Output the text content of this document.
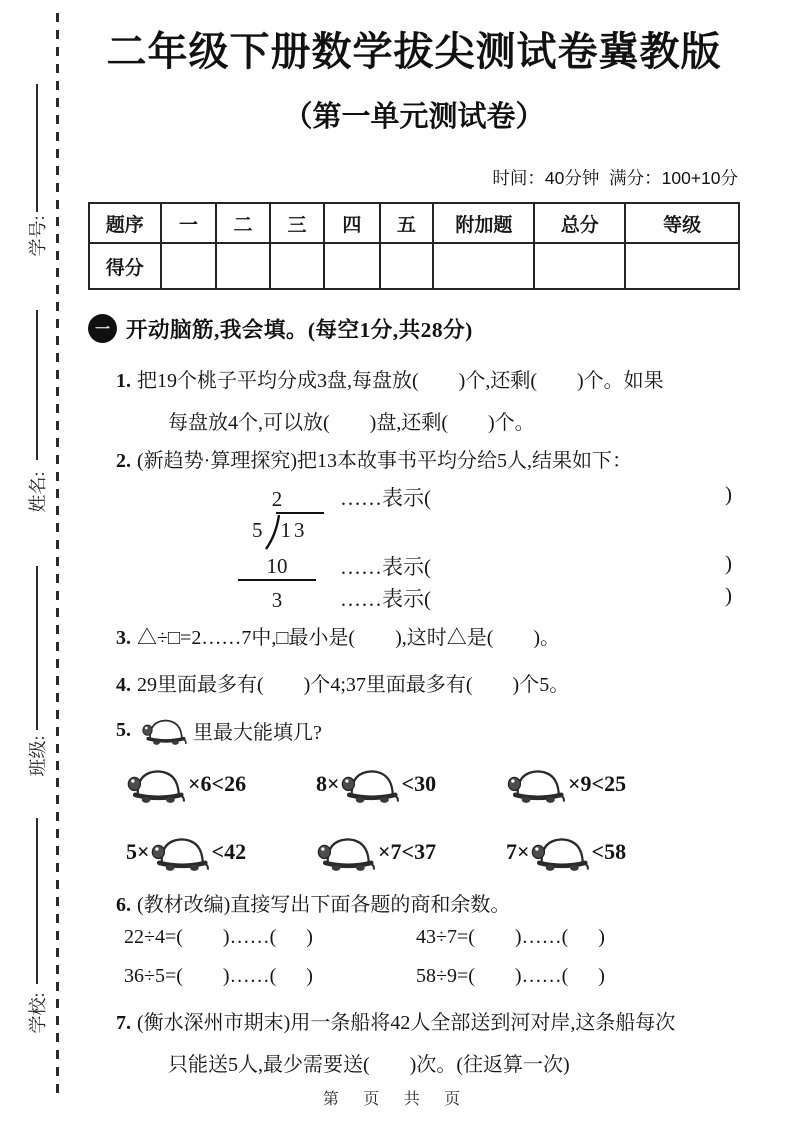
学号:
姓名:
班级:
学校:
二年级下册数学拔尖测试卷冀教版
（第一单元测试卷）
时间：40分钟  满分：100+10分
题序	一	二	三	四	五	附加题	总分	等级
得分								
一 开动脑筋,我会填。(每空1分,共28分)
1. 把19个桃子平均分成3盘,每盘放(        )个,还剩(        )个。如果
每盘放4个,可以放(        )盘,还剩(        )个。
2. (新趋势·算理探究)把13本故事书平均分给5人,结果如下：
2	……表示(	)
5 13
10	……表示(	)
3	……表示(	)
3. △÷□=2……7中,□最小是(        ),这时△是(        )。
4. 29里面最多有(        )个4;37里面最多有(        )个5。
5.	里最大能填几?
×6<26	8×	<30	×9<25
5×	<42	×7<37	7×	<58
6. (教材改编)直接写出下面各题的商和余数。
22÷4=(        )……(      )	43÷7=(        )……(      )
36÷5=(        )……(      )	58÷9=(        )……(      )
7. (衡水深州市期末)用一条船将42人全部送到河对岸,这条船每次
只能送5人,最少需要送(        )次。(往返算一次)
第 页 共 页
